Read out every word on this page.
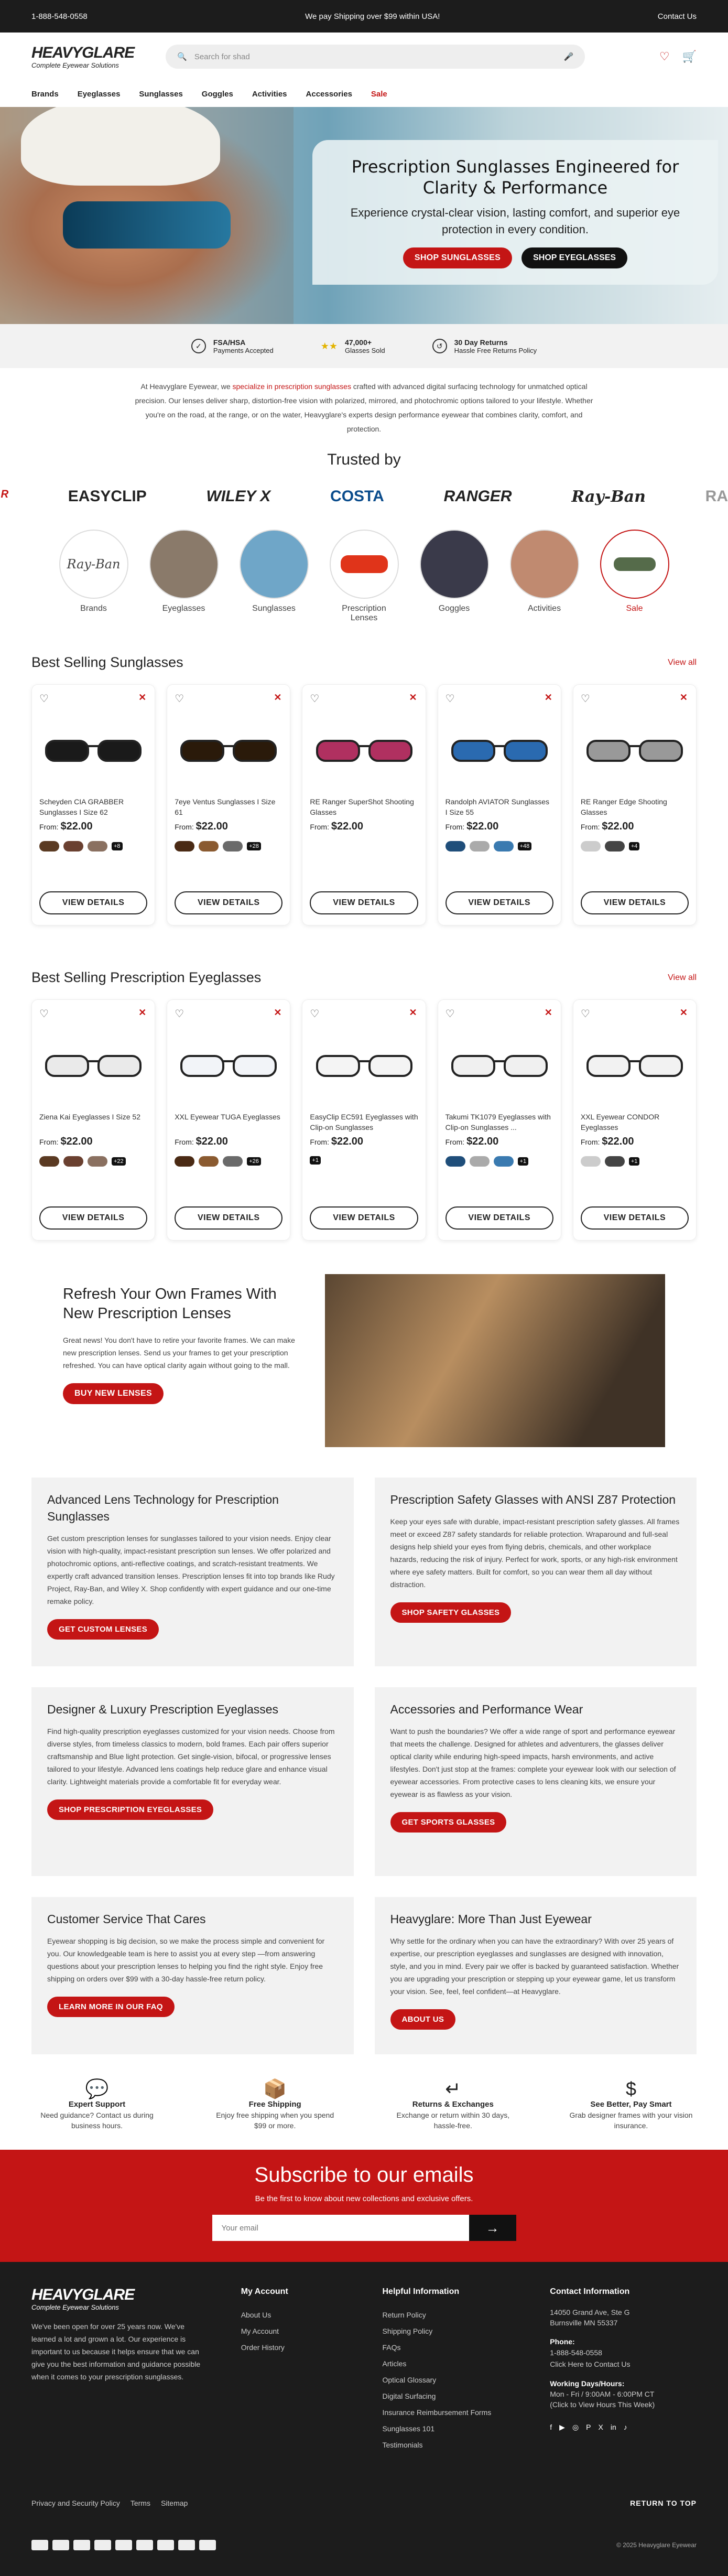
1-888-548-0558	We pay Shipping over $99 within USA!	Contact Us
HEAVYGLARE
Complete Eyewear Solutions
🔍 Search for shad	🎤	♡ 🛒
Brands Eyeglasses Sunglasses Goggles Activities Accessories Sale
Prescription Sunglasses Engineered for Clarity & Performance

Experience crystal-clear vision, lasting comfort, and superior eye protection in every condition.

SHOP SUNGLASSES	SHOP EYEGLASSES
✓	FSA/HSA
Payments Accepted	★★ 47,000+
Glasses Sold
↺	30 Day Returns
Hassle Free Returns Policy

At Heavyglare Eyewear, we specialize in prescription sunglasses crafted with advanced digital surfacing technology for unmatched optical precision. Our lenses deliver sharp, distortion-free vision with polarized, mirrored, and photochromic options tailored to your lifestyle. Whether you're on the road, at the range, or on the water, Heavyglare's experts design performance eyewear that combines clarity, comfort, and protection.

Trusted by
ᴿ	EASYCLIP	WILEY X	COSTA	RANGER	Ray-Ban	RA
Ray-Ban
Brands	Eyeglasses	Sunglasses	Prescription Lenses
Goggles	Activities	Sale
Best Selling Sunglasses	View all
♡	✕
Scheyden CIA GRABBER Sunglasses I Size 62
From: $22.00
+8
VIEW DETAILS
♡	✕
7eye Ventus Sunglasses I Size 61
From: $22.00
+28
VIEW DETAILS
♡	✕
RE Ranger SuperShot Shooting Glasses
From: $22.00
VIEW DETAILS
♡	✕
Randolph AVIATOR Sunglasses I Size 55
From: $22.00
+48
VIEW DETAILS
♡	✕
RE Ranger Edge Shooting Glasses
From: $22.00
+4
VIEW DETAILS
Best Selling Prescription Eyeglasses	View all
♡	✕
Ziena Kai Eyeglasses I Size 52
From: $22.00
+22
VIEW DETAILS
♡	✕
XXL Eyewear TUGA Eyeglasses
From: $22.00
+26
VIEW DETAILS
♡	✕
EasyClip EC591 Eyeglasses with Clip-on Sunglasses
From: $22.00
+1
VIEW DETAILS
♡	✕
Takumi TK1079 Eyeglasses with Clip-on Sunglasses ...
From: $22.00
+1
VIEW DETAILS
♡	✕
XXL Eyewear CONDOR Eyeglasses
From: $22.00
+1
VIEW DETAILS
Refresh Your Own Frames With New Prescription Lenses

Great news! You don't have to retire your favorite frames. We can make new prescription lenses. Send us your frames to get your prescription refreshed. You can have optical clarity again without going to the mall.

BUY NEW LENSES
Advanced Lens Technology for Prescription Sunglasses

Get custom prescription lenses for sunglasses tailored to your vision needs. Enjoy clear vision with high-quality, impact-resistant prescription sun lenses. We offer polarized and photochromic options, anti-reflective coatings, and scratch-resistant treatments. We expertly craft advanced transition lenses. Prescription lenses fit into top brands like Rudy Project, Ray-Ban, and Wiley X. Shop confidently with expert guidance and our one-time remake policy.

GET CUSTOM LENSES
Prescription Safety Glasses with ANSI Z87 Protection

Keep your eyes safe with durable, impact-resistant prescription safety glasses. All frames meet or exceed Z87 safety standards for reliable protection. Wraparound and full-seal designs help shield your eyes from flying debris, chemicals, and other workplace hazards, reducing the risk of injury. Perfect for work, sports, or any high-risk environment where eye safety matters. Built for comfort, so you can wear them all day without distraction.

SHOP SAFETY GLASSES
Designer & Luxury Prescription Eyeglasses

Find high-quality prescription eyeglasses customized for your vision needs. Choose from diverse styles, from timeless classics to modern, bold frames. Each pair offers superior craftsmanship and Blue light protection. Get single-vision, bifocal, or progressive lenses tailored to your lifestyle. Advanced lens coatings help reduce glare and enhance visual clarity. Lightweight materials provide a comfortable fit for everyday wear.

SHOP PRESCRIPTION EYEGLASSES
Accessories and Performance Wear

Want to push the boundaries? We offer a wide range of sport and performance eyewear that meets the challenge. Designed for athletes and adventurers, the glasses deliver optical clarity while enduring high-speed impacts, harsh environments, and active lifestyles. Don't just stop at the frames: complete your eyewear look with our selection of eyewear accessories. From protective cases to lens cleaning kits, we ensure your eyewear is as flawless as your vision.

GET SPORTS GLASSES
Customer Service That Cares

Eyewear shopping is big decision, so we make the process simple and convenient for you. Our knowledgeable team is here to assist you at every step —from answering questions about your prescription lenses to helping you find the right style. Enjoy free shipping on orders over $99 with a 30-day hassle-free return policy.

LEARN MORE IN OUR FAQ
Heavyglare: More Than Just Eyewear

Why settle for the ordinary when you can have the extraordinary? With over 25 years of expertise, our prescription eyeglasses and sunglasses are designed with innovation, style, and you in mind. Every pair we offer is backed by guaranteed satisfaction. Whether you are upgrading your prescription or stepping up your eyewear game, let us transform your vision. See, feel, feel confident—at Heavyglare.

ABOUT US
💬
Expert Support
Need guidance? Contact us during business hours.
📦
Free Shipping
Enjoy free shipping when you spend $99 or more.
↵
Returns & Exchanges
Exchange or return within 30 days, hassle-free.
$
See Better, Pay Smart
Grab designer frames with your vision insurance.
Subscribe to our emails

Be the first to know about new collections and exclusive offers.

Your email
→
HEAVYGLARE
Complete Eyewear Solutions

We've been open for over 25 years now. We've learned a lot and grown a lot. Our experience is important to us because it helps ensure that we can give you the best information and guidance possible when it comes to your prescription sunglasses.

My Account
About Us
My Account
Order History
Helpful Information
Return Policy
Shipping Policy
FAQs
Articles
Optical Glossary
Digital Surfacing
Insurance Reimbursement Forms
Sunglasses 101
Testimonials
Contact Information
14050 Grand Ave, Ste G
Burnsville MN 55337
Phone:
1-888-548-0558
Click Here to Contact Us
Working Days/Hours:
Mon - Fri / 9:00AM - 6:00PM CT
(Click to View Hours This Week)
f ▶ ◎ P X in ♪
Privacy and Security Policy Terms Sitemap	RETURN TO TOP
© 2025 Heavyglare Eyewear
